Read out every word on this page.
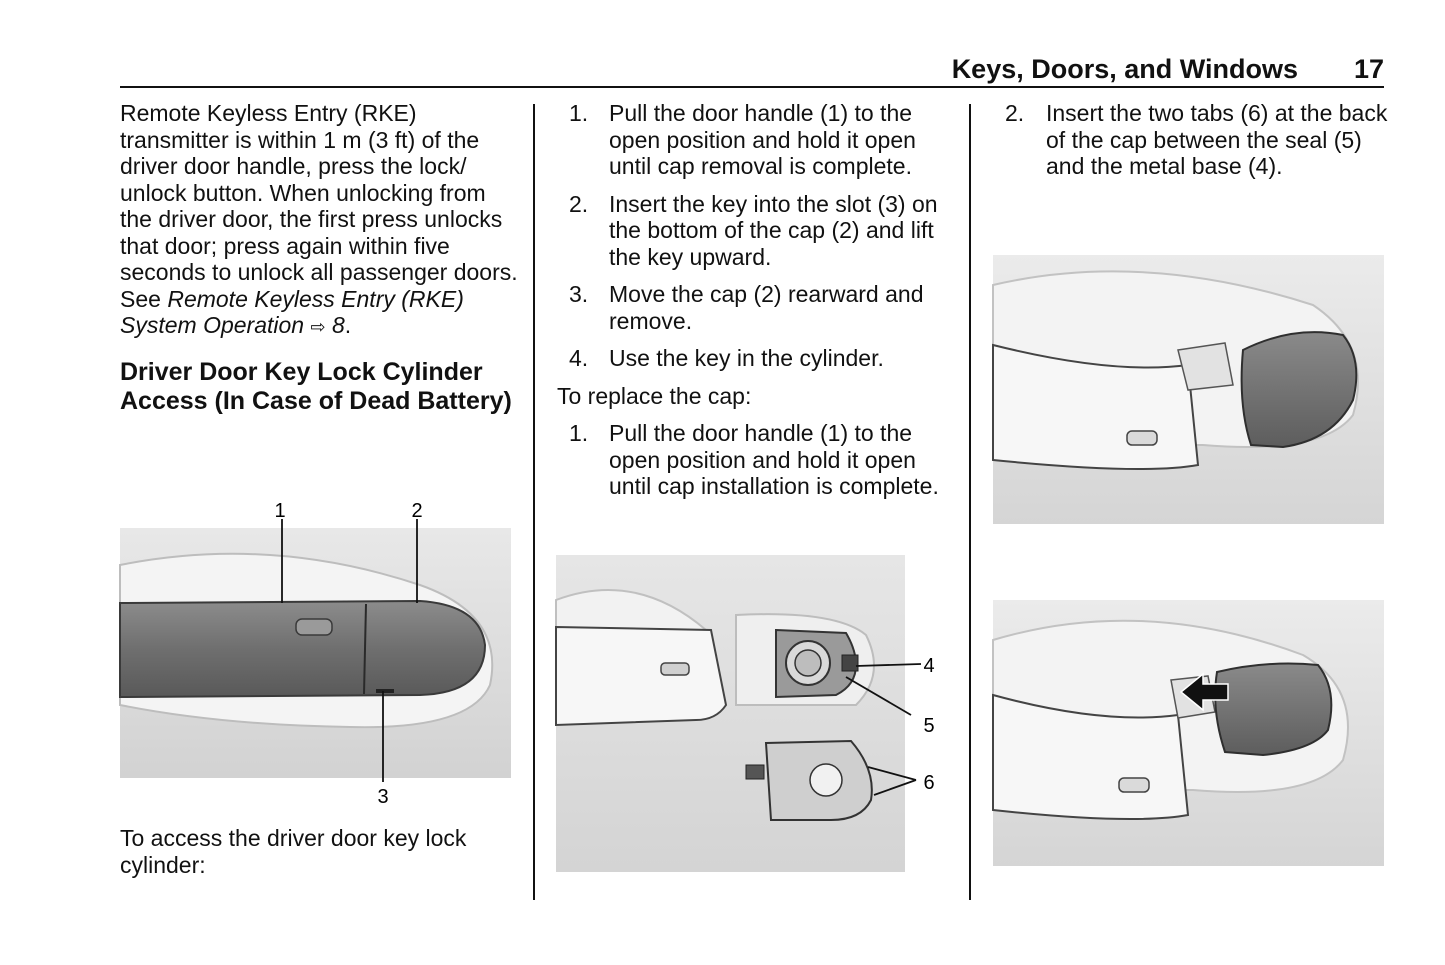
Keys, Doors, and Windows 17

Remote Keyless Entry (RKE) transmitter is within 1 m (3 ft) of the driver door handle, press the lock/ unlock button. When unlocking from the driver door, the first press unlocks that door; press again within five seconds to unlock all passenger doors. See Remote Keyless Entry (RKE) System Operation ⇨ 8.

Driver Door Key Lock Cylinder Access (In Case of Dead Battery)

To access the driver door key lock cylinder:

1. Pull the door handle (1) to the open position and hold it open until cap removal is complete.
2. Insert the key into the slot (3) on the bottom of the cap (2) and lift the key upward.
3. Move the cap (2) rearward and remove.
4. Use the key in the cylinder.

To replace the cap:

1. Pull the door handle (1) to the open position and hold it open until cap installation is complete.
2. Insert the two tabs (6) at the back of the cap between the seal (5) and the metal base (4).
1	2
3
4
5
6
